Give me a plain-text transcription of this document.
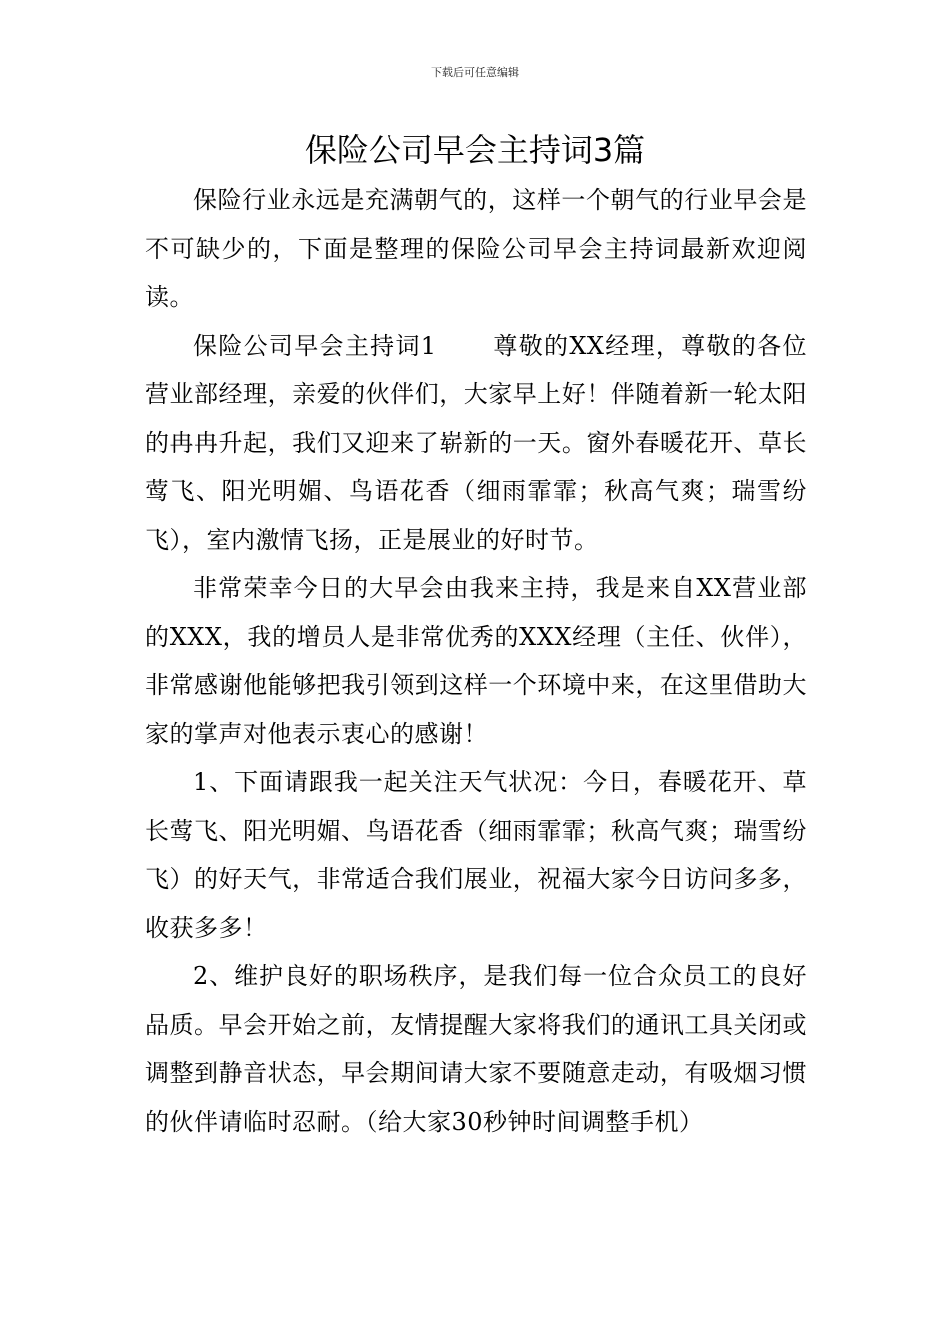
下载后可任意编辑
保险公司早会主持词3篇

保险行业永远是充满朝气的，这样一个朝气的行业早会是不可缺少的，下面是整理的保险公司早会主持词最新欢迎阅读。

保险公司早会主持词1 尊敬的XX经理，尊敬的各位营业部经理，亲爱的伙伴们，大家早上好！伴随着新一轮太阳的冉冉升起，我们又迎来了崭新的一天。窗外春暖花开、草长莺飞、阳光明媚、鸟语花香（细雨霏霏；秋高气爽；瑞雪纷飞），室内激情飞扬，正是展业的好时节。

非常荣幸今日的大早会由我来主持，我是来自XX营业部的XXX，我的增员人是非常优秀的XXX经理（主任、伙伴），非常感谢他能够把我引领到这样一个环境中来，在这里借助大家的掌声对他表示衷心的感谢！

1、下面请跟我一起关注天气状况：今日，春暖花开、草长莺飞、阳光明媚、鸟语花香（细雨霏霏；秋高气爽；瑞雪纷飞）的好天气，非常适合我们展业，祝福大家今日访问多多，收获多多！

2、维护良好的职场秩序，是我们每一位合众员工的良好品质。早会开始之前，友情提醒大家将我们的通讯工具关闭或调整到静音状态，早会期间请大家不要随意走动，有吸烟习惯的伙伴请临时忍耐。（给大家30秒钟时间调整手机）
